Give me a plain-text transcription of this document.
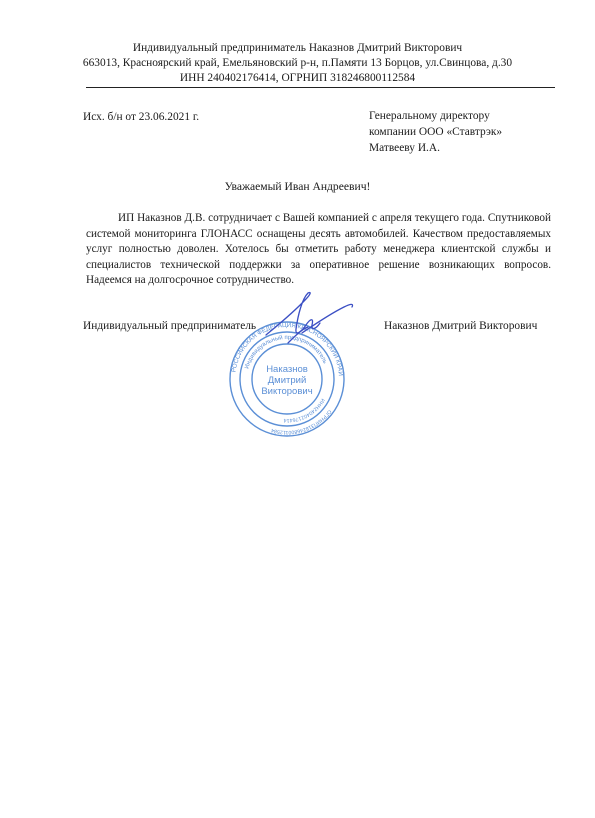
Индивидуальный предприниматель Наказнов Дмитрий Викторович
663013, Красноярский край, Емельяновский р-н, п.Памяти 13 Борцов, ул.Свинцова, д.30
ИНН 240402176414, ОГРНИП 318246800112584
Исх. б/н от 23.06.2021 г.	Генеральному директору
компании ООО «Ставтрэк»
Матвееву И.А.
Уважаемый Иван Андреевич!

ИП Наказнов Д.В. сотрудничает с Вашей компанией с апреля текущего года. Спутниковой системой мониторинга ГЛОНАСС оснащены десять автомобилей. Качеством предоставляемых услуг полностью доволен. Хотелось бы отметить работу менеджера клиентской службы и специалистов технической поддержки за оперативное решение возникающих вопросов. Надеемся на долгосрочное сотрудничество.

Индивидуальный предприниматель	Наказнов Дмитрий Викторович
РОССИЙСКАЯ ФЕДЕРАЦИЯ КРАСНОЯРСКИЙ КРАЙ
Индивидуальный предприниматель
ИНН240402176414
ОГРНИП318246800112584
Наказнов
Дмитрий
Викторович
